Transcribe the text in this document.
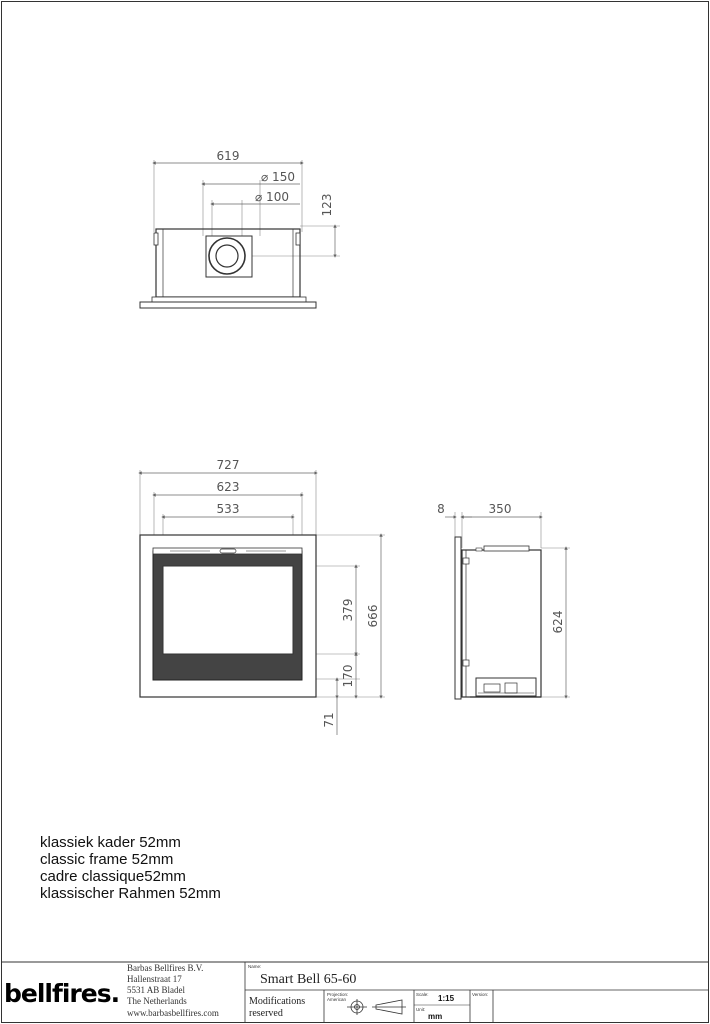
619
⌀ 150
⌀ 100	123
727
623
533
379 666
170
71
8	350
624
bellfires.
Barbas Bellfires B.V.
Hallenstraat 17
5531 AB Bladel
The Netherlands
www.barbasbellfires.com
Name:
Smart Bell 65-60
Modifications
reserved
Projection:
American
Scale: 1:15
Unit:
mm
Version:
klassiek kader 52mm
classic frame 52mm
cadre classique52mm
klassischer Rahmen 52mm
